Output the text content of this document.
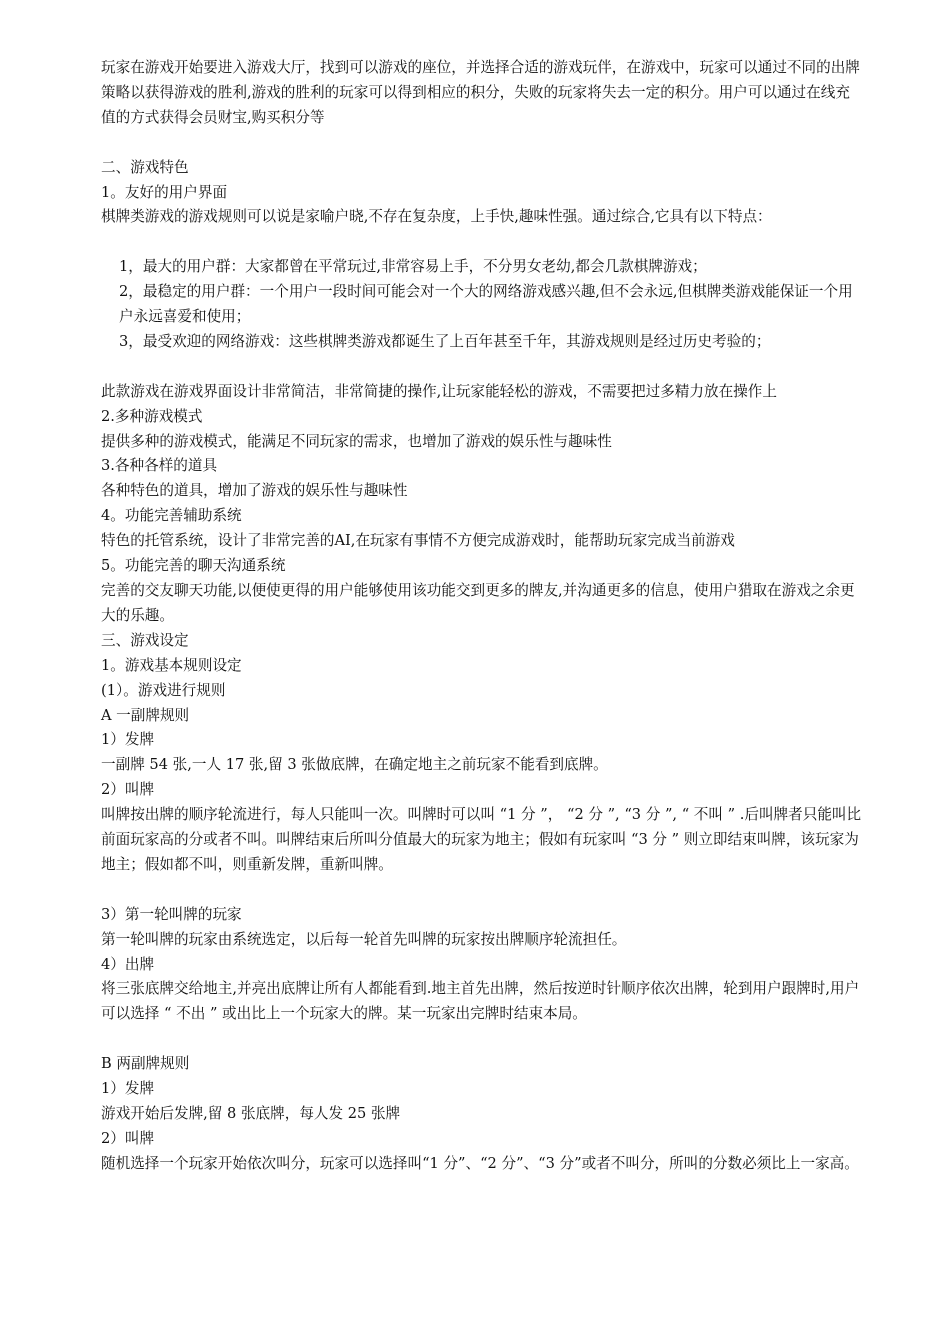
玩家在游戏开始要进入游戏大厅，找到可以游戏的座位，并选择合适的游戏玩伴，在游戏中，玩家可以通过不同的出牌策略以获得游戏的胜利,游戏的胜利的玩家可以得到相应的积分，失败的玩家将失去一定的积分。用户可以通过在线充值的方式获得会员财宝,购买积分等

二、游戏特色

1。友好的用户界面

棋牌类游戏的游戏规则可以说是家喻户晓,不存在复杂度，上手快,趣味性强。通过综合,它具有以下特点：

1，最大的用户群：大家都曾在平常玩过,非常容易上手，不分男女老幼,都会几款棋牌游戏；

2，最稳定的用户群：一个用户一段时间可能会对一个大的网络游戏感兴趣,但不会永远,但棋牌类游戏能保证一个用户永远喜爱和使用；

3，最受欢迎的网络游戏：这些棋牌类游戏都诞生了上百年甚至千年，其游戏规则是经过历史考验的；

此款游戏在游戏界面设计非常简洁，非常简捷的操作,让玩家能轻松的游戏，不需要把过多精力放在操作上

2.多种游戏模式

提供多种的游戏模式，能满足不同玩家的需求，也增加了游戏的娱乐性与趣味性

3.各种各样的道具

各种特色的道具，增加了游戏的娱乐性与趣味性

4。功能完善辅助系统

特色的托管系统，设计了非常完善的AI,在玩家有事情不方便完成游戏时，能帮助玩家完成当前游戏

5。功能完善的聊天沟通系统

完善的交友聊天功能,以便使更得的用户能够使用该功能交到更多的牌友,并沟通更多的信息，使用户猎取在游戏之余更大的乐趣。

三、游戏设定

1。游戏基本规则设定

(1）。游戏进行规则

A 一副牌规则

1）发牌

一副牌 54 张,一人 17 张,留 3 张做底牌，在确定地主之前玩家不能看到底牌。

2）叫牌

叫牌按出牌的顺序轮流进行，每人只能叫一次。叫牌时可以叫 “1 分 ”， “2 分 ”, “3 分 ”, “ 不叫 ” .后叫牌者只能叫比前面玩家高的分或者不叫。叫牌结束后所叫分值最大的玩家为地主；假如有玩家叫 “3 分 ” 则立即结束叫牌，该玩家为地主；假如都不叫，则重新发牌，重新叫牌。

3）第一轮叫牌的玩家

第一轮叫牌的玩家由系统选定，以后每一轮首先叫牌的玩家按出牌顺序轮流担任。

4）出牌

将三张底牌交给地主,并亮出底牌让所有人都能看到.地主首先出牌，然后按逆时针顺序依次出牌，轮到用户跟牌时,用户可以选择 “ 不出 ” 或出比上一个玩家大的牌。某一玩家出完牌时结束本局。

B 两副牌规则

1）发牌

游戏开始后发牌,留 8 张底牌，每人发 25 张牌

2）叫牌

随机选择一个玩家开始依次叫分，玩家可以选择叫“1 分”、“2 分”、“3 分”或者不叫分，所叫的分数必须比上一家高。
